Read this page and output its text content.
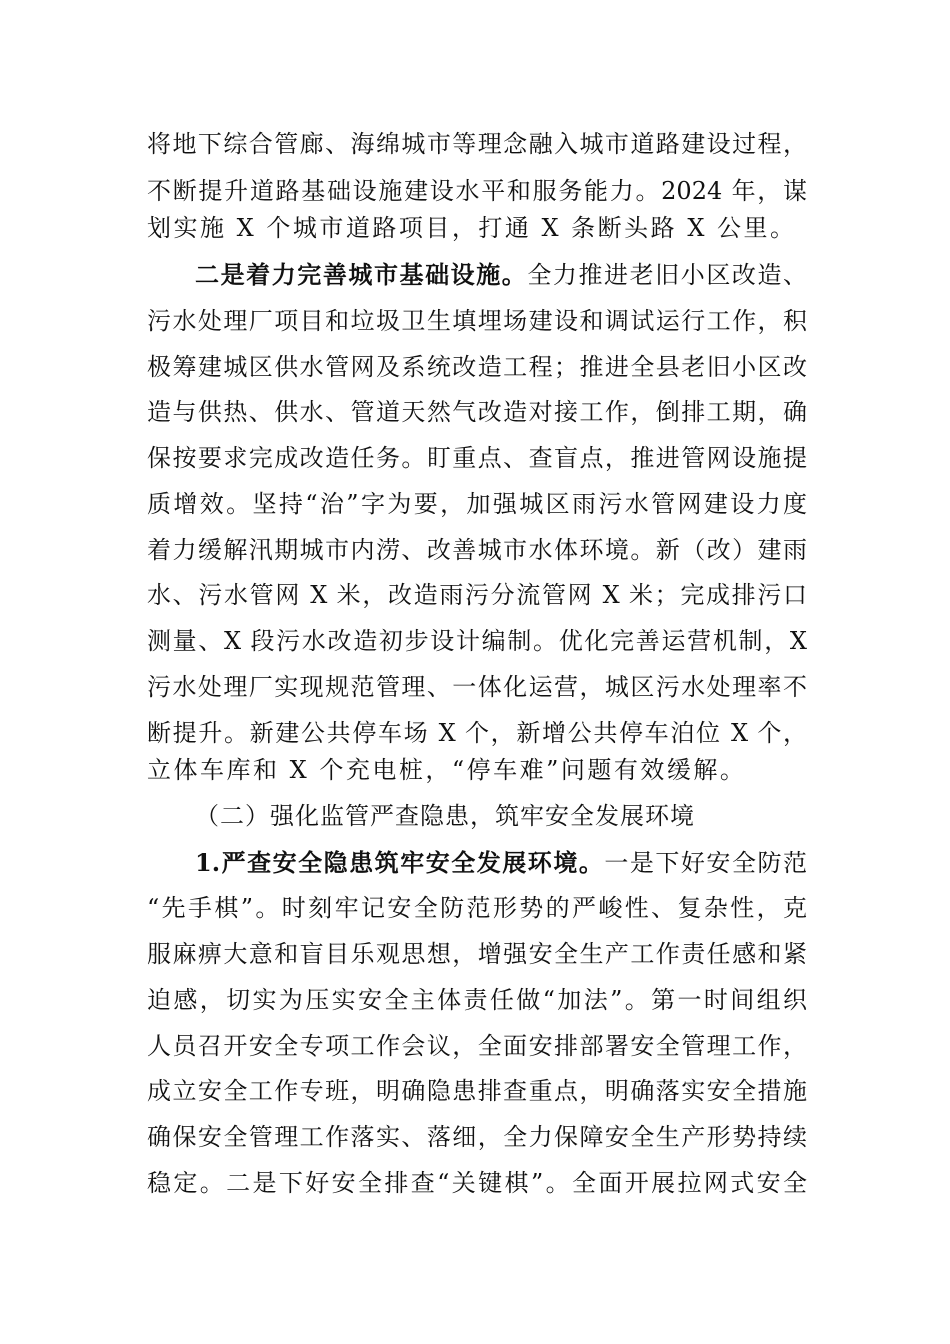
将地下综合管廊、海绵城市等理念融入城市道路建设过程，
不断提升道路基础设施建设水平和服务能力。2024 年，谋
划实施 X 个城市道路项目，打通 X 条断头路 X 公里。
二是着力完善城市基础设施。全力推进老旧小区改造、
污水处理厂项目和垃圾卫生填埋场建设和调试运行工作，积
极筹建城区供水管网及系统改造工程；推进全县老旧小区改
造与供热、供水、管道天然气改造对接工作，倒排工期，确
保按要求完成改造任务。盯重点、查盲点，推进管网设施提
质增效。坚持“治”字为要，加强城区雨污水管网建设力度
着力缓解汛期城市内涝、改善城市水体环境。新（改）建雨
水、污水管网 X 米，改造雨污分流管网 X 米；完成排污口
测量、X 段污水改造初步设计编制。优化完善运营机制，X
污水处理厂实现规范管理、一体化运营，城区污水处理率不
断提升。新建公共停车场 X 个，新增公共停车泊位 X 个，
立体车库和 X 个充电桩，“停车难”问题有效缓解。
（二）强化监管严查隐患，筑牢安全发展环境
1.严查安全隐患筑牢安全发展环境。一是下好安全防范
“先手棋”。时刻牢记安全防范形势的严峻性、复杂性，克
服麻痹大意和盲目乐观思想，增强安全生产工作责任感和紧
迫感，切实为压实安全主体责任做“加法”。第一时间组织
人员召开安全专项工作会议，全面安排部署安全管理工作，
成立安全工作专班，明确隐患排查重点，明确落实安全措施
确保安全管理工作落实、落细，全力保障安全生产形势持续
稳定。二是下好安全排查“关键棋”。全面开展拉网式安全
